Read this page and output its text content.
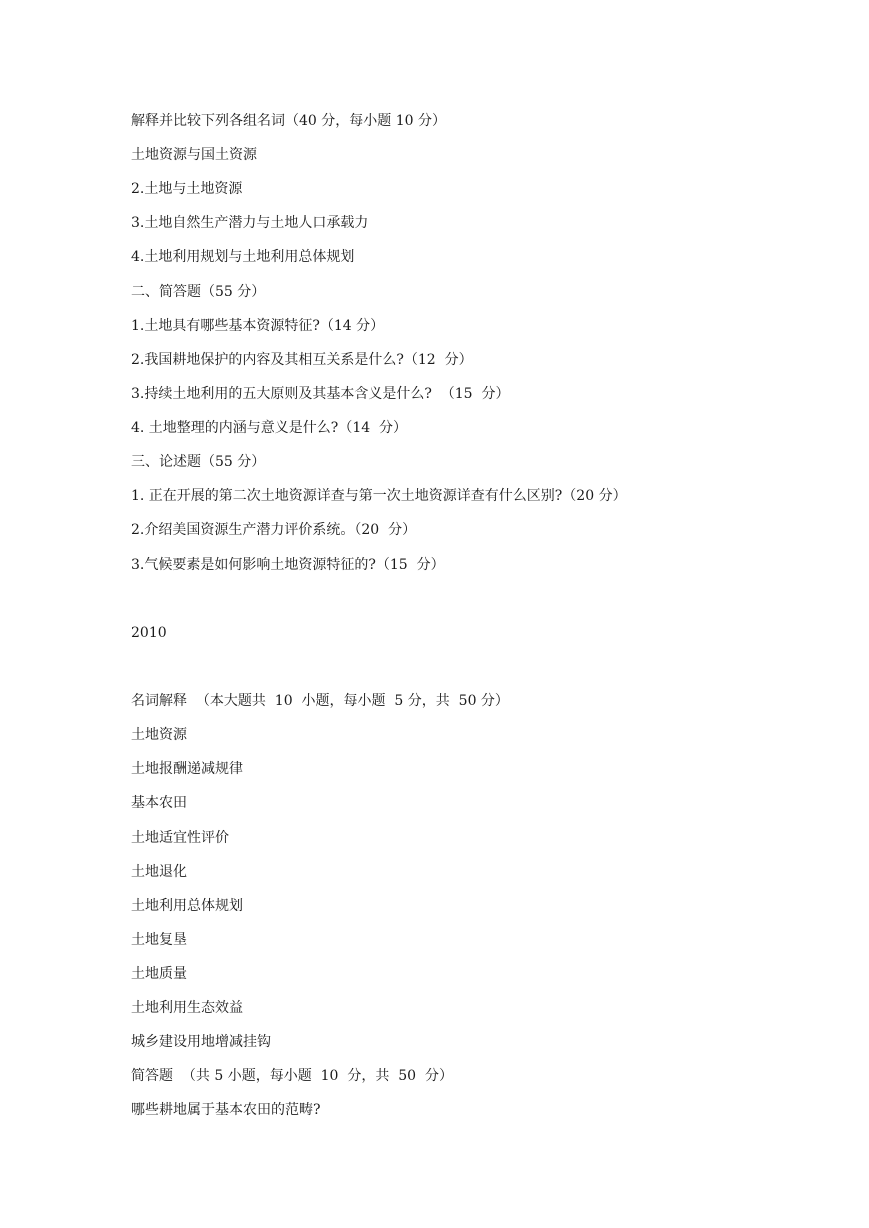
解释并比较下列各组名词（40 分，每小题 10 分）
土地资源与国土资源
2.土地与土地资源
3.土地自然生产潜力与土地人口承载力
4.土地利用规划与土地利用总体规划
二、简答题（55 分）
1.土地具有哪些基本资源特征?（14 分）
2.我国耕地保护的内容及其相互关系是什么?（12  分）
3.持续土地利用的五大原则及其基本含义是什么?  （15  分）
4. 土地整理的内涵与意义是什么?（14  分）
三、论述题（55 分）
1. 正在开展的第二次土地资源详查与第一次土地资源详查有什么区别?（20 分）
2.介绍美国资源生产潜力评价系统。（20  分）
3.气候要素是如何影响土地资源特征的?（15  分）
2010
名词解释  （本大题共  10  小题，每小题  5 分，共  50 分）
土地资源
土地报酬递减规律
基本农田
土地适宜性评价
土地退化
土地利用总体规划
土地复垦
土地质量
土地利用生态效益
城乡建设用地增减挂钩
简答题  （共 5 小题，每小题  10  分，共  50  分）
哪些耕地属于基本农田的范畴?
